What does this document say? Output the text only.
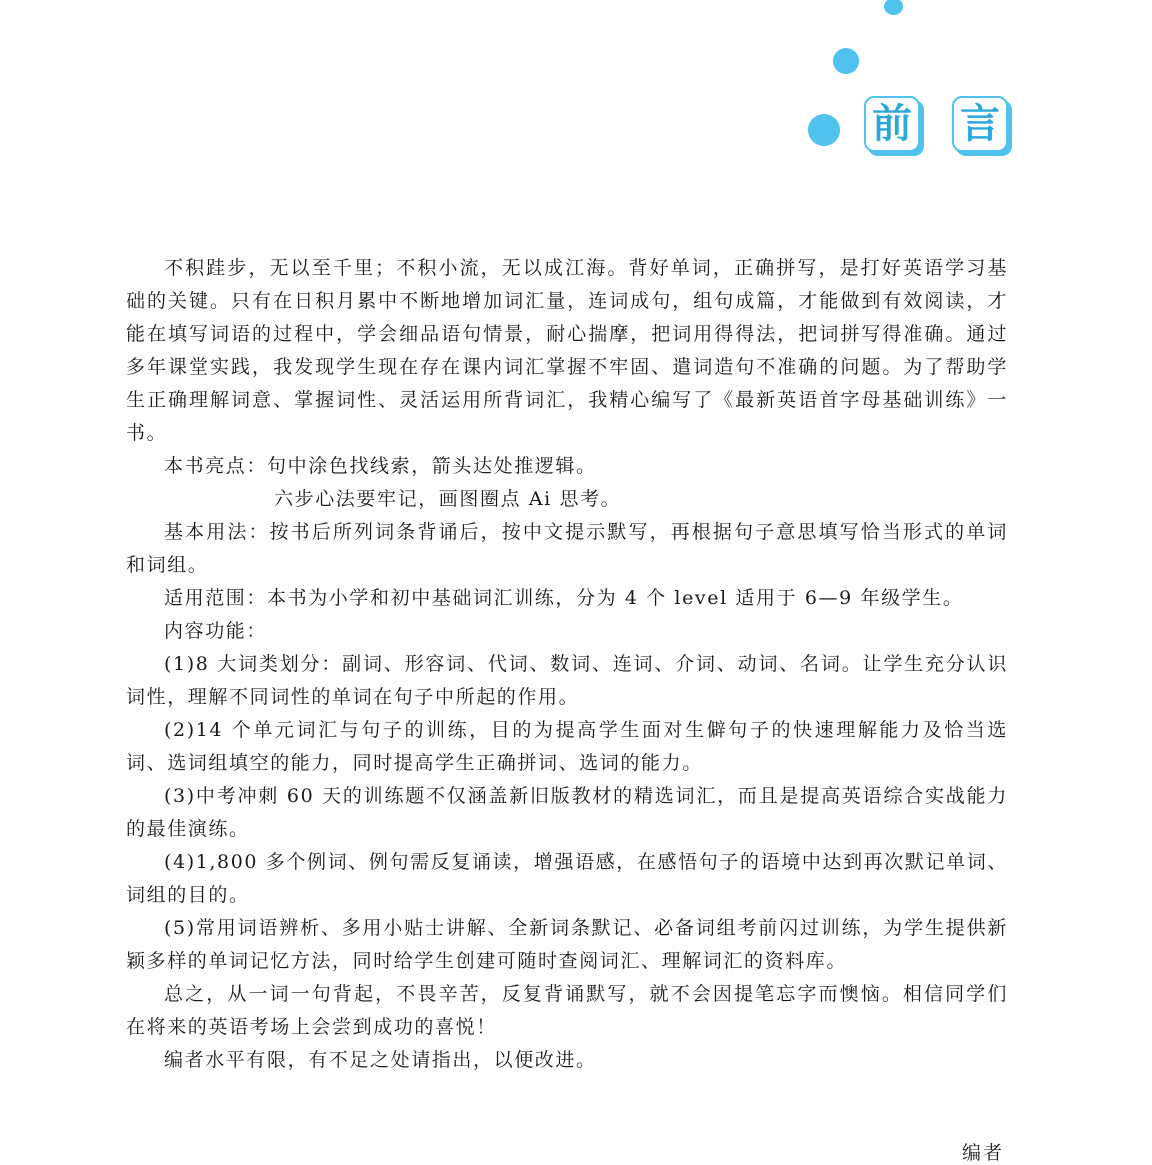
前 言

不积跬步，无以至千里；不积小流，无以成江海。背好单词，正确拼写，是打好英语学习基础的关键。只有在日积月累中不断地增加词汇量，连词成句，组句成篇，才能做到有效阅读，才能在填写词语的过程中，学会细品语句情景，耐心揣摩，把词用得得法，把词拼写得准确。通过多年课堂实践，我发现学生现在存在课内词汇掌握不牢固、遣词造句不准确的问题。为了帮助学生正确理解词意、掌握词性、灵活运用所背词汇，我精心编写了《最新英语首字母基础训练》一书。

本书亮点：句中涂色找线索，箭头达处推逻辑。

六步心法要牢记，画图圈点 Ai 思考。

基本用法：按书后所列词条背诵后，按中文提示默写，再根据句子意思填写恰当形式的单词和词组。

适用范围：本书为小学和初中基础词汇训练，分为 4 个 level 适用于 6—9 年级学生。

内容功能：

(1)8 大词类划分：副词、形容词、代词、数词、连词、介词、动词、名词。让学生充分认识词性，理解不同词性的单词在句子中所起的作用。

(2)14 个单元词汇与句子的训练，目的为提高学生面对生僻句子的快速理解能力及恰当选词、选词组填空的能力，同时提高学生正确拼词、选词的能力。

(3)中考冲刺 60 天的训练题不仅涵盖新旧版教材的精选词汇，而且是提高英语综合实战能力的最佳演练。

(4)1,800 多个例词、例句需反复诵读，增强语感，在感悟句子的语境中达到再次默记单词、词组的目的。

(5)常用词语辨析、多用小贴士讲解、全新词条默记、必备词组考前闪过训练，为学生提供新颖多样的单词记忆方法，同时给学生创建可随时查阅词汇、理解词汇的资料库。

总之，从一词一句背起，不畏辛苦，反复背诵默写，就不会因提笔忘字而懊恼。相信同学们在将来的英语考场上会尝到成功的喜悦！

编者水平有限，有不足之处请指出，以便改进。

编者
